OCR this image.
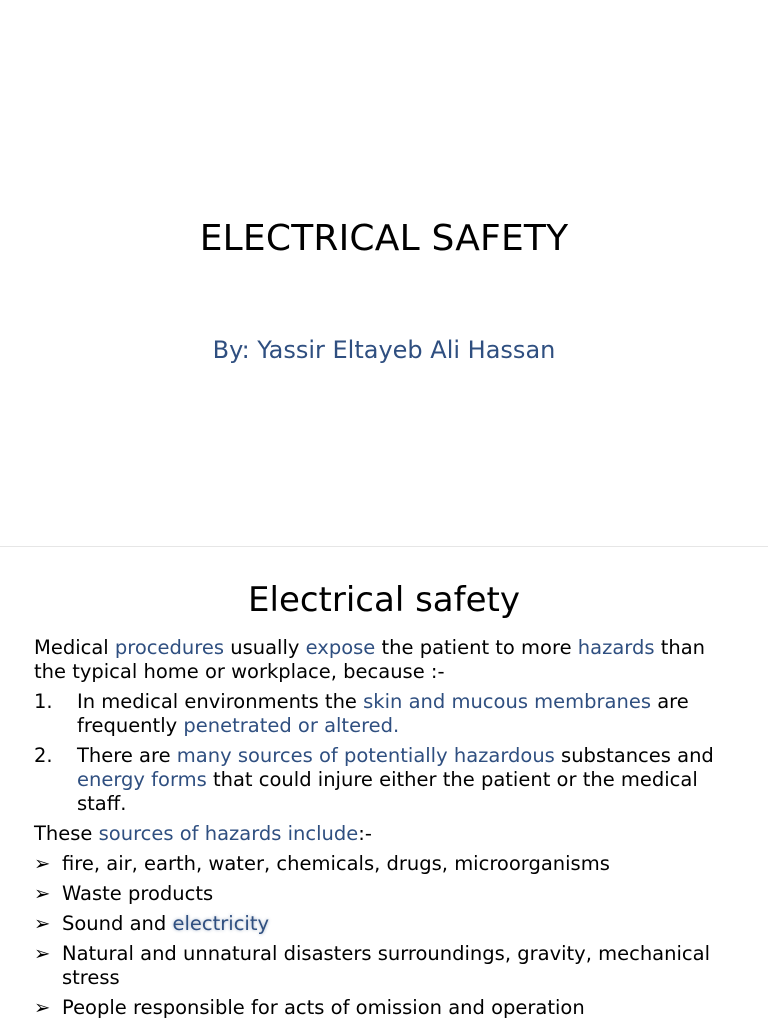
ELECTRICAL SAFETY
By: Yassir Eltayeb Ali Hassan
Electrical safety

Medical procedures usually expose the patient to more hazards than the typical home or workplace, because :-

1. In medical environments the skin and mucous membranes are frequently penetrated or altered.
2. There are many sources of potentially hazardous substances and energy forms that could injure either the patient or the medical staff.

These sources of hazards include:-

➢ fire, air, earth, water, chemicals, drugs, microorganisms
➢ Waste products
➢ Sound and electricity
➢ Natural and unnatural disasters surroundings, gravity, mechanical stress
➢ People responsible for acts of omission and operation
